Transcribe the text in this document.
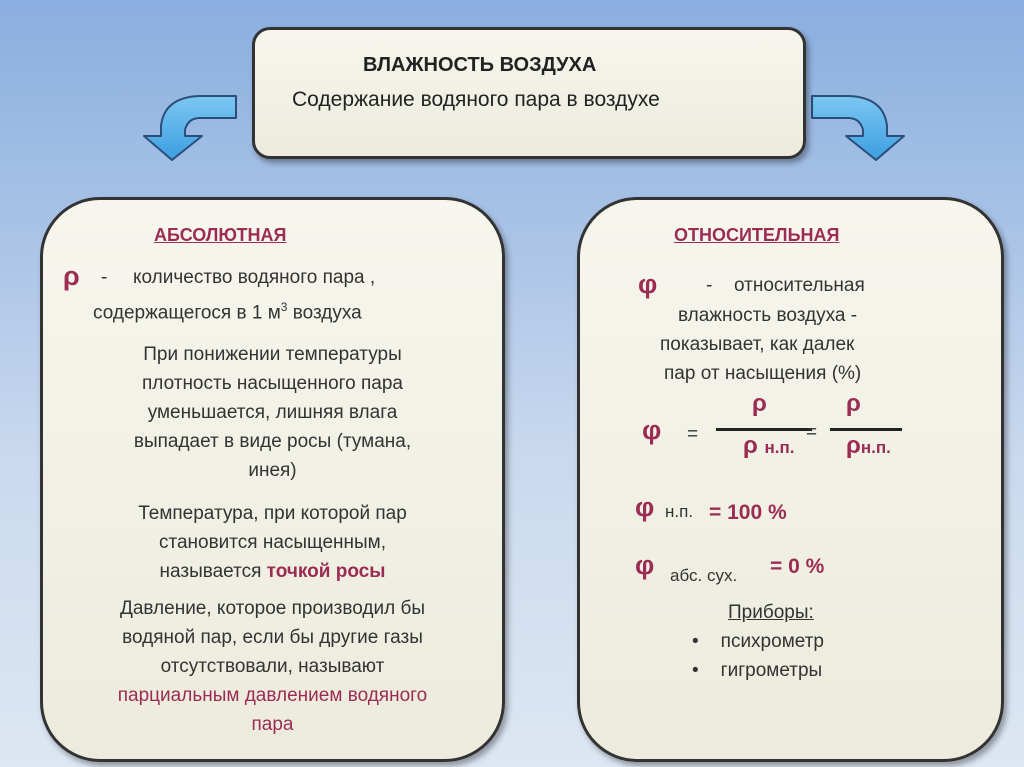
ВЛАЖНОСТЬ ВОЗДУХА
Содержание водяного пара в воздухе
АБСОЛЮТНАЯ
ρ - количество водяного пара ,
содержащегося в 1 $м^3$ воздуха
При понижении температуры
плотность насыщенного пара
уменьшается, лишняя влага
выпадает в виде росы (тумана,
инея)
Температура, при которой пар
становится насыщенным,
называется точкой росы
Давление, которое производил бы
водяной пар, если бы другие газы
отсутствовали, называют
парциальным давлением водяного
пара
ОТНОСИТЕЛЬНАЯ
φ	- относительная
влажность воздуха -
показывает, как далек
пар от насыщения (%)
φ =
ρ
ρ н.п.
=
ρ
ρн.п.
φ н.п. = 100 %
φ абс. сух. = 0 %
Приборы:
• психрометр
• гигрометры
